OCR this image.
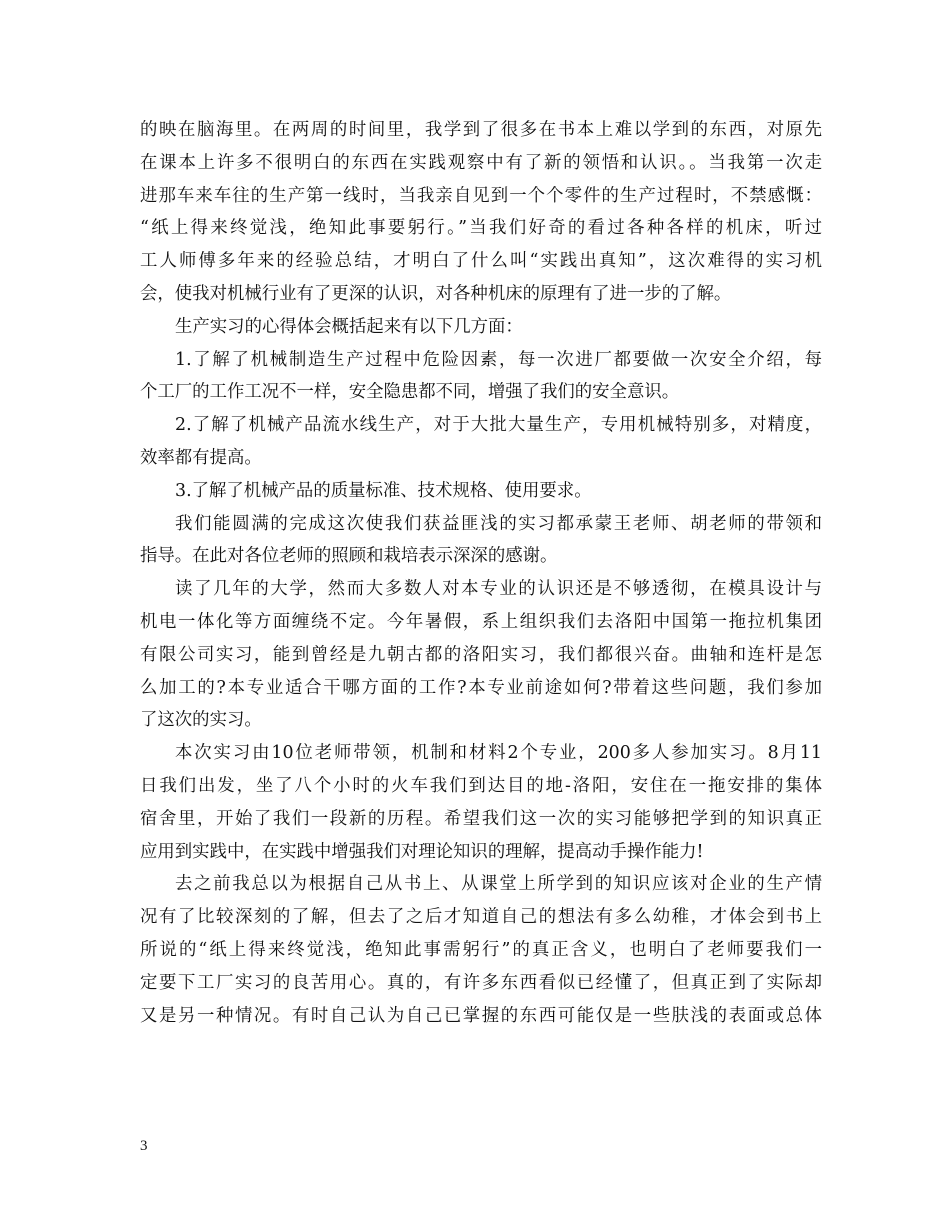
的映在脑海里。在两周的时间里，我学到了很多在书本上难以学到的东西，对原先
在课本上许多不很明白的东西在实践观察中有了新的领悟和认识。。当我第一次走
进那车来车往的生产第一线时，当我亲自见到一个个零件的生产过程时，不禁感慨：
“纸上得来终觉浅，绝知此事要躬行。”当我们好奇的看过各种各样的机床，听过
工人师傅多年来的经验总结，才明白了什么叫“实践出真知”，这次难得的实习机
会，使我对机械行业有了更深的认识，对各种机床的原理有了进一步的了解。
生产实习的心得体会概括起来有以下几方面：
1.了解了机械制造生产过程中危险因素，每一次进厂都要做一次安全介绍，每
个工厂的工作工况不一样，安全隐患都不同，增强了我们的安全意识。
2.了解了机械产品流水线生产，对于大批大量生产，专用机械特别多，对精度，
效率都有提高。
3.了解了机械产品的质量标准、技术规格、使用要求。
我们能圆满的完成这次使我们获益匪浅的实习都承蒙王老师、胡老师的带领和
指导。在此对各位老师的照顾和栽培表示深深的感谢。
读了几年的大学，然而大多数人对本专业的认识还是不够透彻，在模具设计与
机电一体化等方面缠绕不定。今年暑假，系上组织我们去洛阳中国第一拖拉机集团
有限公司实习，能到曾经是九朝古都的洛阳实习，我们都很兴奋。曲轴和连杆是怎
么加工的?本专业适合干哪方面的工作?本专业前途如何?带着这些问题，我们参加
了这次的实习。
本次实习由10位老师带领，机制和材料2个专业，200多人参加实习。8月11
日我们出发，坐了八个小时的火车我们到达目的地-洛阳，安住在一拖安排的集体
宿舍里，开始了我们一段新的历程。希望我们这一次的实习能够把学到的知识真正
应用到实践中，在实践中增强我们对理论知识的理解，提高动手操作能力!
去之前我总以为根据自己从书上、从课堂上所学到的知识应该对企业的生产情
况有了比较深刻的了解，但去了之后才知道自己的想法有多么幼稚，才体会到书上
所说的“纸上得来终觉浅，绝知此事需躬行”的真正含义，也明白了老师要我们一
定要下工厂实习的良苦用心。真的，有许多东西看似已经懂了，但真正到了实际却
又是另一种情况。有时自己认为自己已掌握的东西可能仅是一些肤浅的表面或总体
3
